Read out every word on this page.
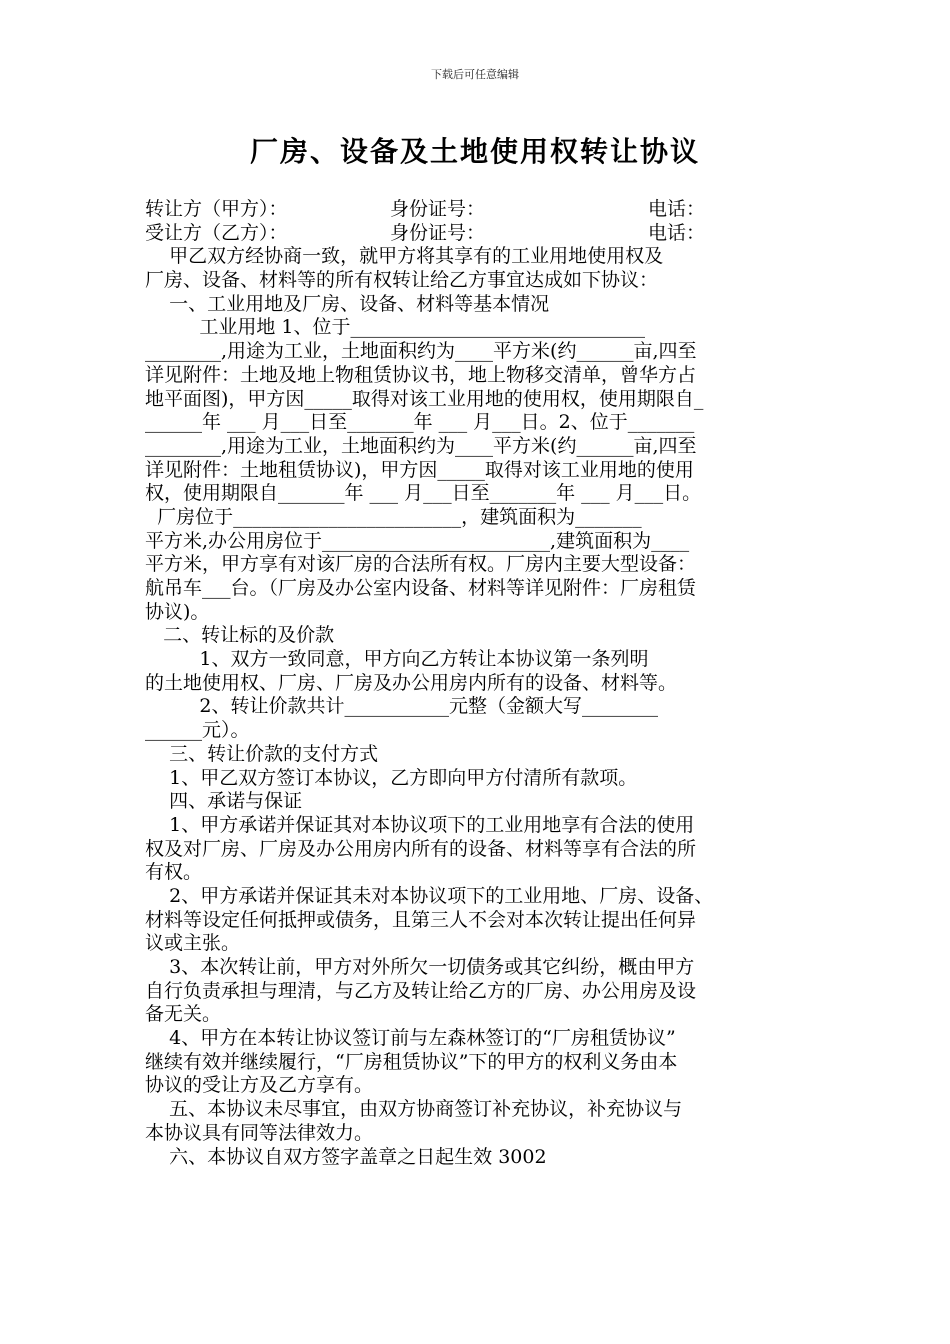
下载后可任意编辑
厂房、设备及土地使用权转让协议
转让方（甲方）：	身份证号：	电话：
受让方（乙方）：	身份证号：	电话：
甲乙双方经协商一致，就甲方将其享有的工业用地使用权及
厂房、设备、材料等的所有权转让给乙方事宜达成如下协议：
一、工业用地及厂房、设备、材料等基本情况
工业用地 1、位于_______________________________
________,用途为工业，土地面积约为____平方米(约______亩,四至
详见附件：土地及地上物租赁协议书，地上物移交清单，曾华方占
地平面图)，甲方因_____取得对该工业用地的使用权，使用期限自_
______年 ___ 月___日至_______年 ___ 月___日。2、位于_______
________,用途为工业，土地面积约为____平方米(约______亩,四至
详见附件：土地租赁协议)，甲方因_____取得对该工业用地的使用
权，使用期限自_______年 ___ 月___日至_______年 ___ 月___日。
厂房位于________________________，建筑面积为_______
平方米,办公用房位于________________________,建筑面积为____
平方米，甲方享有对该厂房的合法所有权。厂房内主要大型设备：
航吊车___台。（厂房及办公室内设备、材料等详见附件：厂房租赁
协议)。
二、转让标的及价款
1、双方一致同意，甲方向乙方转让本协议第一条列明
的土地使用权、厂房、厂房及办公用房内所有的设备、材料等。
2、转让价款共计___________元整（金额大写________
______元）。
三、转让价款的支付方式
1、甲乙双方签订本协议，乙方即向甲方付清所有款项。
四、承诺与保证
1、甲方承诺并保证其对本协议项下的工业用地享有合法的使用
权及对厂房、厂房及办公用房内所有的设备、材料等享有合法的所
有权。
2、甲方承诺并保证其未对本协议项下的工业用地、厂房、设备、
材料等设定任何抵押或债务，且第三人不会对本次转让提出任何异
议或主张。
3、本次转让前，甲方对外所欠一切债务或其它纠纷，概由甲方
自行负责承担与理清，与乙方及转让给乙方的厂房、办公用房及设
备无关。
4、甲方在本转让协议签订前与左森林签订的“厂房租赁协议”
继续有效并继续履行，“厂房租赁协议”下的甲方的权利义务由本
协议的受让方及乙方享有。
五、本协议未尽事宜，由双方协商签订补充协议，补充协议与
本协议具有同等法律效力。
六、本协议自双方签字盖章之日起生效 3002
